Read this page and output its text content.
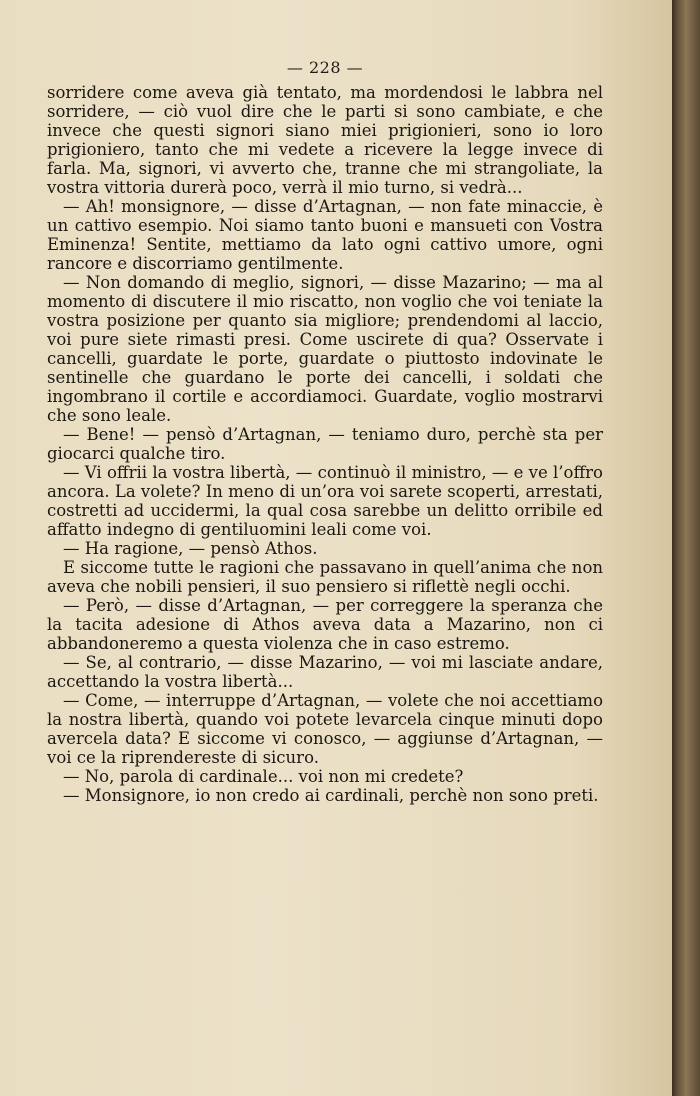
— 228 —

sorridere come aveva già tentato, ma mordendosi le labbra nel sorridere, — ciò vuol dire che le parti si sono cambiate, e che invece che questi signori siano miei prigionieri, sono io loro prigioniero, tanto che mi vedete a ricevere la legge invece di farla. Ma, signori, vi avverto che, tranne che mi strangoliate, la vostra vittoria durerà poco, verrà il mio turno, si vedrà...

— Ah! monsignore, — disse d’Artagnan, — non fate minaccie, è un cattivo esempio. Noi siamo tanto buoni e mansueti con Vostra Eminenza! Sentite, mettiamo da lato ogni cattivo umore, ogni rancore e discorriamo gentilmente.

— Non domando di meglio, signori, — disse Mazarino; — ma al momento di discutere il mio riscatto, non voglio che voi teniate la vostra posizione per quanto sia migliore; prendendomi al laccio, voi pure siete rimasti presi. Come uscirete di qua? Osservate i cancelli, guardate le porte, guardate o piuttosto indovinate le sentinelle che guardano le porte dei cancelli, i soldati che ingombrano il cortile e accordiamoci. Guardate, voglio mostrarvi che sono leale.

— Bene! — pensò d’Artagnan, — teniamo duro, perchè sta per giocarci qualche tiro.

— Vi offrii la vostra libertà, — continuò il ministro, — e ve l’offro ancora. La volete? In meno di un’ora voi sarete scoperti, arrestati, costretti ad uccidermi, la qual cosa sarebbe un delitto orribile ed affatto indegno di gentiluomini leali come voi.

— Ha ragione, — pensò Athos.

E siccome tutte le ragioni che passavano in quell’anima che non aveva che nobili pensieri, il suo pensiero si riflettè negli occhi.

— Però, — disse d’Artagnan, — per correggere la speranza che la tacita adesione di Athos aveva data a Mazarino, non ci abbandoneremo a questa violenza che in caso estremo.

— Se, al contrario, — disse Mazarino, — voi mi lasciate andare, accettando la vostra libertà...

— Come, — interruppe d’Artagnan, — volete che noi accettiamo la nostra libertà, quando voi potete levarcela cinque minuti dopo avercela data? E siccome vi conosco, — aggiunse d’Artagnan, — voi ce la riprendereste di sicuro.

— No, parola di cardinale... voi non mi credete?

— Monsignore, io non credo ai cardinali, perchè non sono preti.
